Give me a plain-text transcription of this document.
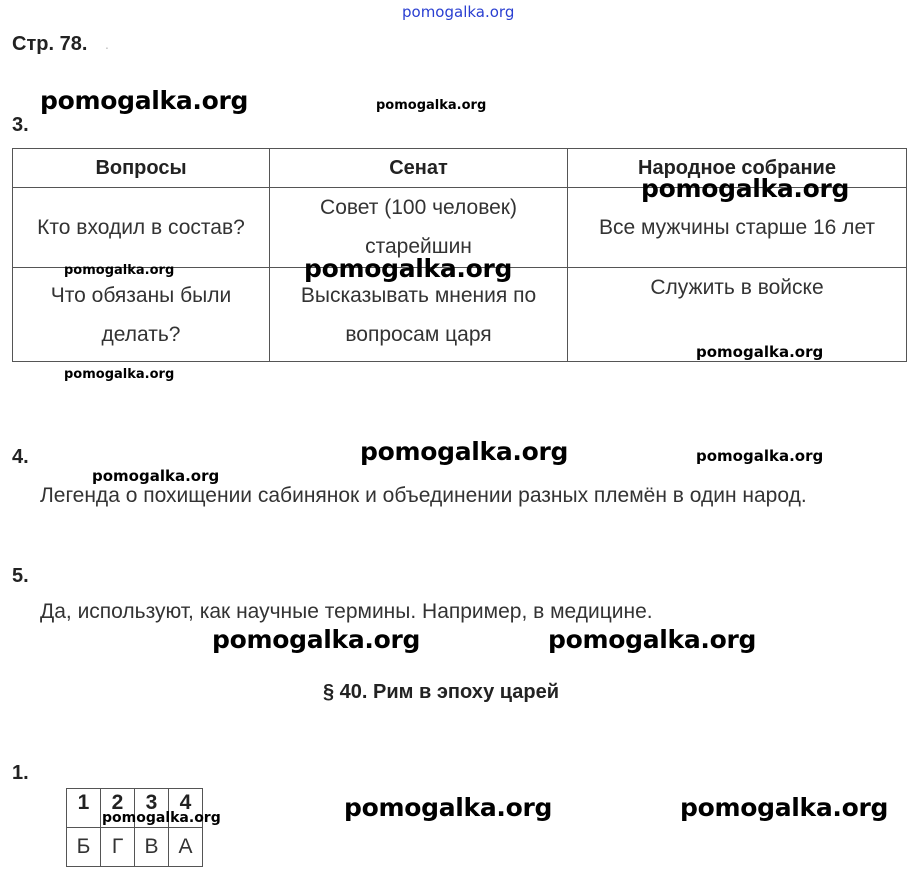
pomogalka.org
Стр. 78. .
3.
Вопросы	Сенат	Народное собрание
Кто входил в состав?	Совет (100 человек) старейшин	Все мужчины старше 16 лет
Что обязаны были делать?	Высказывать мнения по вопросам царя	Служить в войске
4.
Легенда о похищении сабинянок и объединении разных племён в один народ.
5.
Да, используют, как научные термины. Например, в медицине.
§ 40. Рим в эпоху царей
1.
1	2	3	4
Б	Г	В	А
pomogalka.org	pomogalka.org
pomogalka.org
pomogalka.org	pomogalka.org
pomogalka.org
pomogalka.org
pomogalka.org	pomogalka.org
pomogalka.org
pomogalka.org	pomogalka.org
pomogalka.org	pomogalka.org
pomogalka.org
